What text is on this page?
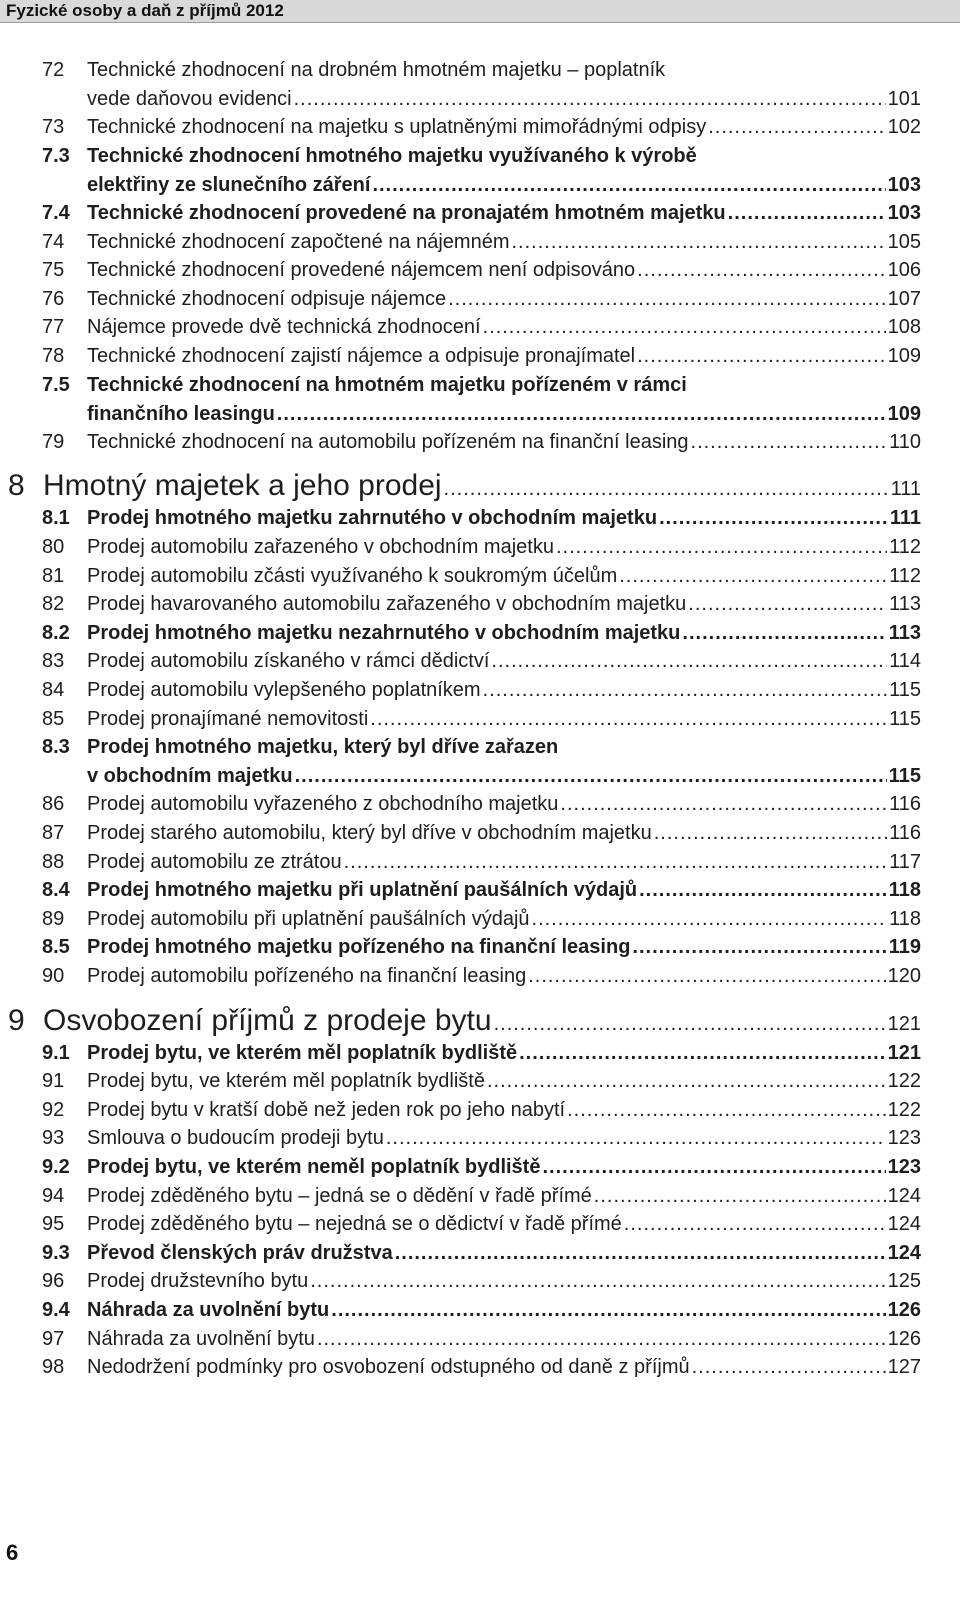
Fyzické osoby a daň z příjmů 2012
72 Technické zhodnocení na drobném hmotném majetku – poplatník
vede daňovou evidenci .....	101
73 Technické zhodnocení na majetku s uplatněnými mimořádnými odpisy .....	102
7.3 Technické zhodnocení hmotného majetku využívaného k výrobě
elektřiny ze slunečního záření .....	103
7.4 Technické zhodnocení provedené na pronajatém hmotném majetku .....	103
74 Technické zhodnocení započtené na nájemném .....	105
75 Technické zhodnocení provedené nájemcem není odpisováno .....	106
76 Technické zhodnocení odpisuje nájemce .....	107
77 Nájemce provede dvě technická zhodnocení .....	108
78 Technické zhodnocení zajistí nájemce a odpisuje pronajímatel .....	109
7.5 Technické zhodnocení na hmotném majetku pořízeném v rámci
finančního leasingu .....	109
79 Technické zhodnocení na automobilu pořízeném na finanční leasing .....	110
8 Hmotný majetek a jeho prodej .....	111
8.1 Prodej hmotného majetku zahrnutého v obchodním majetku .....	111
80 Prodej automobilu zařazeného v obchodním majetku .....	112
81 Prodej automobilu zčásti využívaného k soukromým účelům .....	112
82 Prodej havarovaného automobilu zařazeného v obchodním majetku .....	113
8.2 Prodej hmotného majetku nezahrnutého v obchodním majetku .....	113
83 Prodej automobilu získaného v rámci dědictví .....	114
84 Prodej automobilu vylepšeného poplatníkem .....	115
85 Prodej pronajímané nemovitosti .....	115
8.3 Prodej hmotného majetku, který byl dříve zařazen
v obchodním majetku .....	115
86 Prodej automobilu vyřazeného z obchodního majetku .....	116
87 Prodej starého automobilu, který byl dříve v obchodním majetku .....	116
88 Prodej automobilu ze ztrátou .....	117
8.4 Prodej hmotného majetku při uplatnění paušálních výdajů .....	118
89 Prodej automobilu při uplatnění paušálních výdajů .....	118
8.5 Prodej hmotného majetku pořízeného na finanční leasing .....	119
90 Prodej automobilu pořízeného na finanční leasing .....	120
9 Osvobození příjmů z prodeje bytu .....	121
9.1 Prodej bytu, ve kterém měl poplatník bydliště .....	121
91 Prodej bytu, ve kterém měl poplatník bydliště .....	122
92 Prodej bytu v kratší době než jeden rok po jeho nabytí .....	122
93 Smlouva o budoucím prodeji bytu .....	123
9.2 Prodej bytu, ve kterém neměl poplatník bydliště .....	123
94 Prodej zděděného bytu – jedná se o dědění v řadě přímé .....	124
95 Prodej zděděného bytu – nejedná se o dědictví v řadě přímé .....	124
9.3 Převod členských práv družstva .....	124
96 Prodej družstevního bytu .....	125
9.4 Náhrada za uvolnění bytu .....	126
97 Náhrada za uvolnění bytu .....	126
98 Nedodržení podmínky pro osvobození odstupného od daně z příjmů .....	127
6
